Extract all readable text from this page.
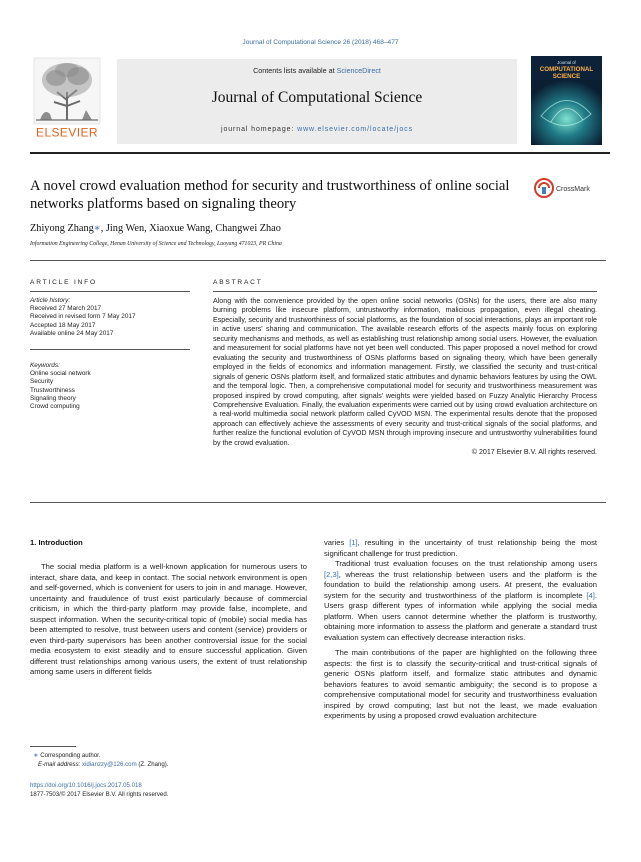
Journal of Computational Science 26 (2018) 468–477
Contents lists available at ScienceDirect
Journal of Computational Science
journal homepage: www.elsevier.com/locate/jocs
ELSEVIER
Journal of
COMPUTATIONAL
SCIENCE
A novel crowd evaluation method for security and trustworthiness of online social networks platforms based on signaling theory
CrossMark
Zhiyong Zhang∗, Jing Wen, Xiaoxue Wang, Changwei Zhao
Information Engineering College, Henan University of Science and Technology, Luoyang 471023, PR China
ARTICLE INFO	ABSTRACT
Article history:
Received 27 March 2017
Received in revised form 7 May 2017
Accepted 18 May 2017
Available online 24 May 2017
Keywords:
Online social network
Security
Trustworthiness
Signaling theory
Crowd computing
Along with the convenience provided by the open online social networks (OSNs) for the users, there are also many burning problems like insecure platform, untrustworthy information, malicious propagation, even illegal cheating. Especially, security and trustworthiness of social platforms, as the foundation of social interactions, plays an important role in active users' sharing and communication. The available research efforts of the aspects mainly focus on exploring security mechanisms and methods, as well as establishing trust relationship among social users. However, the evaluation and measurement for social platforms have not yet been well conducted. This paper proposed a novel method for crowd evaluating the security and trustworthiness of OSNs platforms based on signaling theory, which have been generally employed in the fields of economics and information management. Firstly, we classified the security and trust-critical signals of generic OSNs platform itself, and formalized static attributes and dynamic behaviors features by using the OWL and the temporal logic. Then, a comprehensive computational model for security and trustworthiness measurement was proposed inspired by crowd computing, after signals' weights were yielded based on Fuzzy Analytic Hierarchy Process Comprehensive Evaluation. Finally, the evaluation experiments were carried out by using crowd evaluation architecture on a real-world multimedia social network platform called CyVOD MSN. The experimental results denote that the proposed approach can effectively achieve the assessments of every security and trust-critical signals of the social platforms, and further realize the functional evolution of CyVOD MSN through improving insecure and untrustworthy vulnerabilities found by the crowd evaluation.
© 2017 Elsevier B.V. All rights reserved.
1. Introduction

The social media platform is a well-known application for numerous users to interact, share data, and keep in contact. The social network environment is open and self-governed, which is convenient for users to join in and manage. However, uncertainty and fraudulence of trust exist particularly because of commercial criticism, in which the third-party platform may provide false, incomplete, and suspect information. When the security-critical topic of (mobile) social media has been attempted to resolve, trust between users and content (service) providers or even third-party supervisors has been another controversial issue for the social media ecosystem to exist steadily and to ensure successful application. Given different trust relationships among various users, the extent of trust relationship among same users in different fields

varies [1], resulting in the uncertainty of trust relationship being the most significant challenge for trust prediction.

Traditional trust evaluation focuses on the trust relationship among users [2,3], whereas the trust relationship between users and the platform is the foundation to build the relationship among users. At present, the evaluation system for the security and trustworthiness of the platform is incomplete [4]. Users grasp different types of information while applying the social media platform. When users cannot determine whether the platform is trustworthy, obtaining more information to assess the platform and generate a standard trust evaluation system can effectively decrease interaction risks.

The main contributions of the paper are highlighted on the following three aspects: the first is to classify the security-critical and trust-critical signals of generic OSNs platform itself, and formalize static attributes and dynamic behaviors features to avoid semantic ambiguity; the second is to propose a comprehensive computational model for security and trustworthiness evaluation inspired by crowd computing; last but not the least, we made evaluation experiments by using a proposed crowd evaluation architecture

∗ Corresponding author.
E-mail address: xidianzzy@126.com (Z. Zhang).
https://doi.org/10.1016/j.jocs.2017.05.018
1877-7503/© 2017 Elsevier B.V. All rights reserved.
